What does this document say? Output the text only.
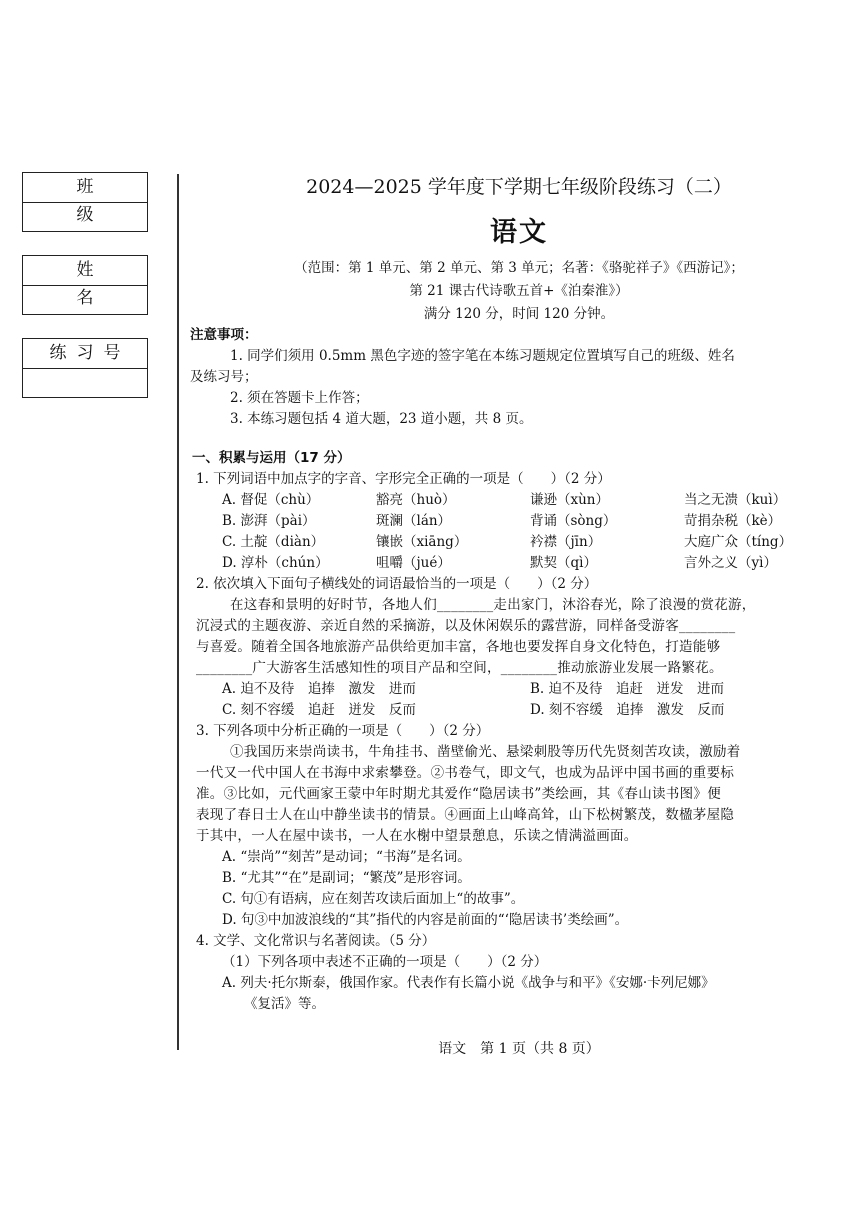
班级
姓名
练习号
2024—2025 学年度下学期七年级阶段练习（二）
语文
（范围：第 1 单元、第 2 单元、第 3 单元；名著：《骆驼祥子》《西游记》；
第 21 课古代诗歌五首+《泊秦淮》）
满分 120 分，时间 120 分钟。
注意事项：
1. 同学们须用 0.5mm 黑色字迹的签字笔在本练习题规定位置填写自己的班级、姓名
及练习号；
2. 须在答题卡上作答；
3. 本练习题包括 4 道大题，23 道小题，共 8 页。
一、积累与运用（17 分）
1. 下列词语中加点字的字音、字形完全正确的一项是（　　）（2 分）
A. 督促（chù）	豁亮（huò）	谦逊（xùn）	当之无溃（kuì）
B. 澎湃（pài）	斑澜（lán）	背诵（sòng）	苛捐杂税（kè）
C. 土靛（diàn）	镶嵌（xiāng）	衿襟（jīn）	大庭广众（tíng）
D. 淳朴（chún）	咀嚼（jué）	默契（qì）	言外之义（yì）
2. 依次填入下面句子横线处的词语最恰当的一项是（　　）（2 分）
在这春和景明的好时节，各地人们________走出家门，沐浴春光，除了浪漫的赏花游，
沉浸式的主题夜游、亲近自然的采摘游，以及休闲娱乐的露营游，同样备受游客________
与喜爱。随着全国各地旅游产品供给更加丰富，各地也要发挥自身文化特色，打造能够
________广大游客生活感知性的项目产品和空间，________推动旅游业发展一路繁花。
A. 迫不及待　追捧　激发　进而	B. 迫不及待　追赶　迸发　进而
C. 刻不容缓　追赶　迸发　反而	D. 刻不容缓　追捧　激发　反而
3. 下列各项中分析正确的一项是（　　）（2 分）
①我国历来崇尚读书，牛角挂书、凿壁偷光、悬梁刺股等历代先贤刻苦攻读，激励着
一代又一代中国人在书海中求索攀登。②书卷气，即文气，也成为品评中国书画的重要标
准。③比如，元代画家王蒙中年时期尤其爱作“隐居读书”类绘画，其《春山读书图》便
表现了春日士人在山中静坐读书的情景。④画面上山峰高耸，山下松树繁茂，数楹茅屋隐
于其中，一人在屋中读书，一人在水榭中望景憩息，乐读之情满溢画面。
A. “崇尚”“刻苦”是动词；“书海”是名词。
B. “尤其”“在”是副词；“繁茂”是形容词。
C. 句①有语病，应在刻苦攻读后面加上“的故事”。
D. 句③中加波浪线的“其”指代的内容是前面的“‘隐居读书’类绘画”。
4. 文学、文化常识与名著阅读。（5 分）
（1）下列各项中表述不正确的一项是（　　）（2 分）
A. 列夫·托尔斯泰，俄国作家。代表作有长篇小说《战争与和平》《安娜·卡列尼娜》
《复活》等。
语文　第 1 页（共 8 页）
